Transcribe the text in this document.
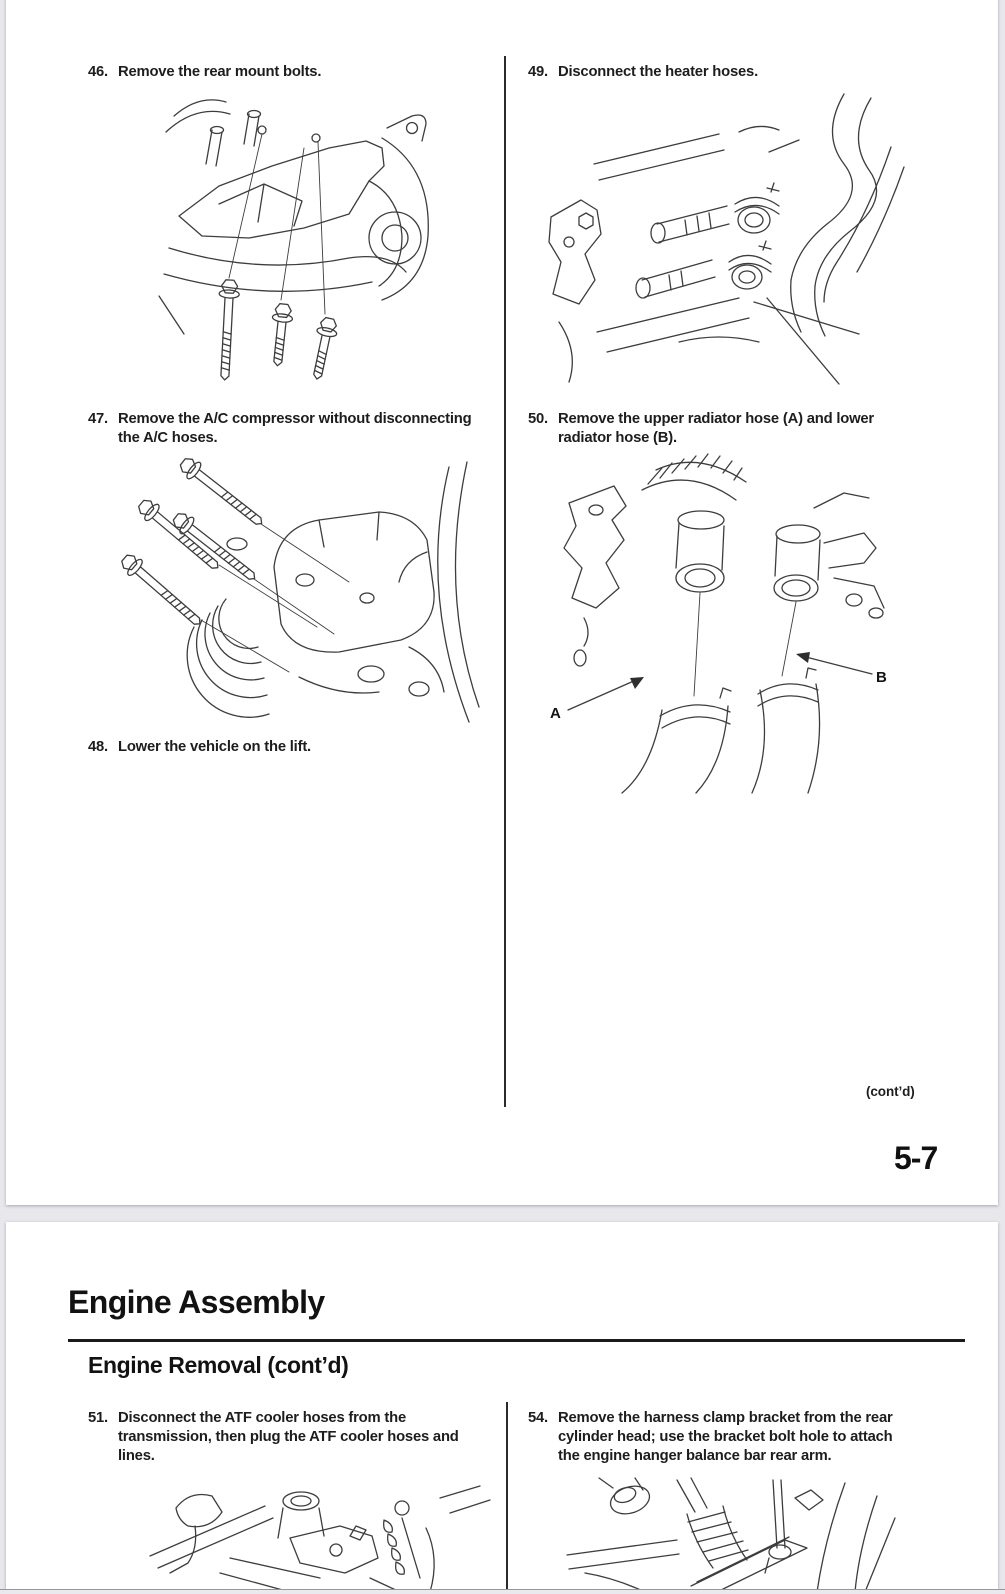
46. Remove the rear mount bolts.
47. Remove the A/C compressor without disconnecting
the A/C hoses.
48. Lower the vehicle on the lift.
49. Disconnect the heater hoses.
50. Remove the upper radiator hose (A) and lower
radiator hose (B).
A
B
(cont’d)
5-7
Engine Assembly
Engine Removal (cont’d)
51. Disconnect the ATF cooler hoses from the
transmission, then plug the ATF cooler hoses and
lines.
54. Remove the harness clamp bracket from the rear
cylinder head; use the bracket bolt hole to attach
the engine hanger balance bar rear arm.
